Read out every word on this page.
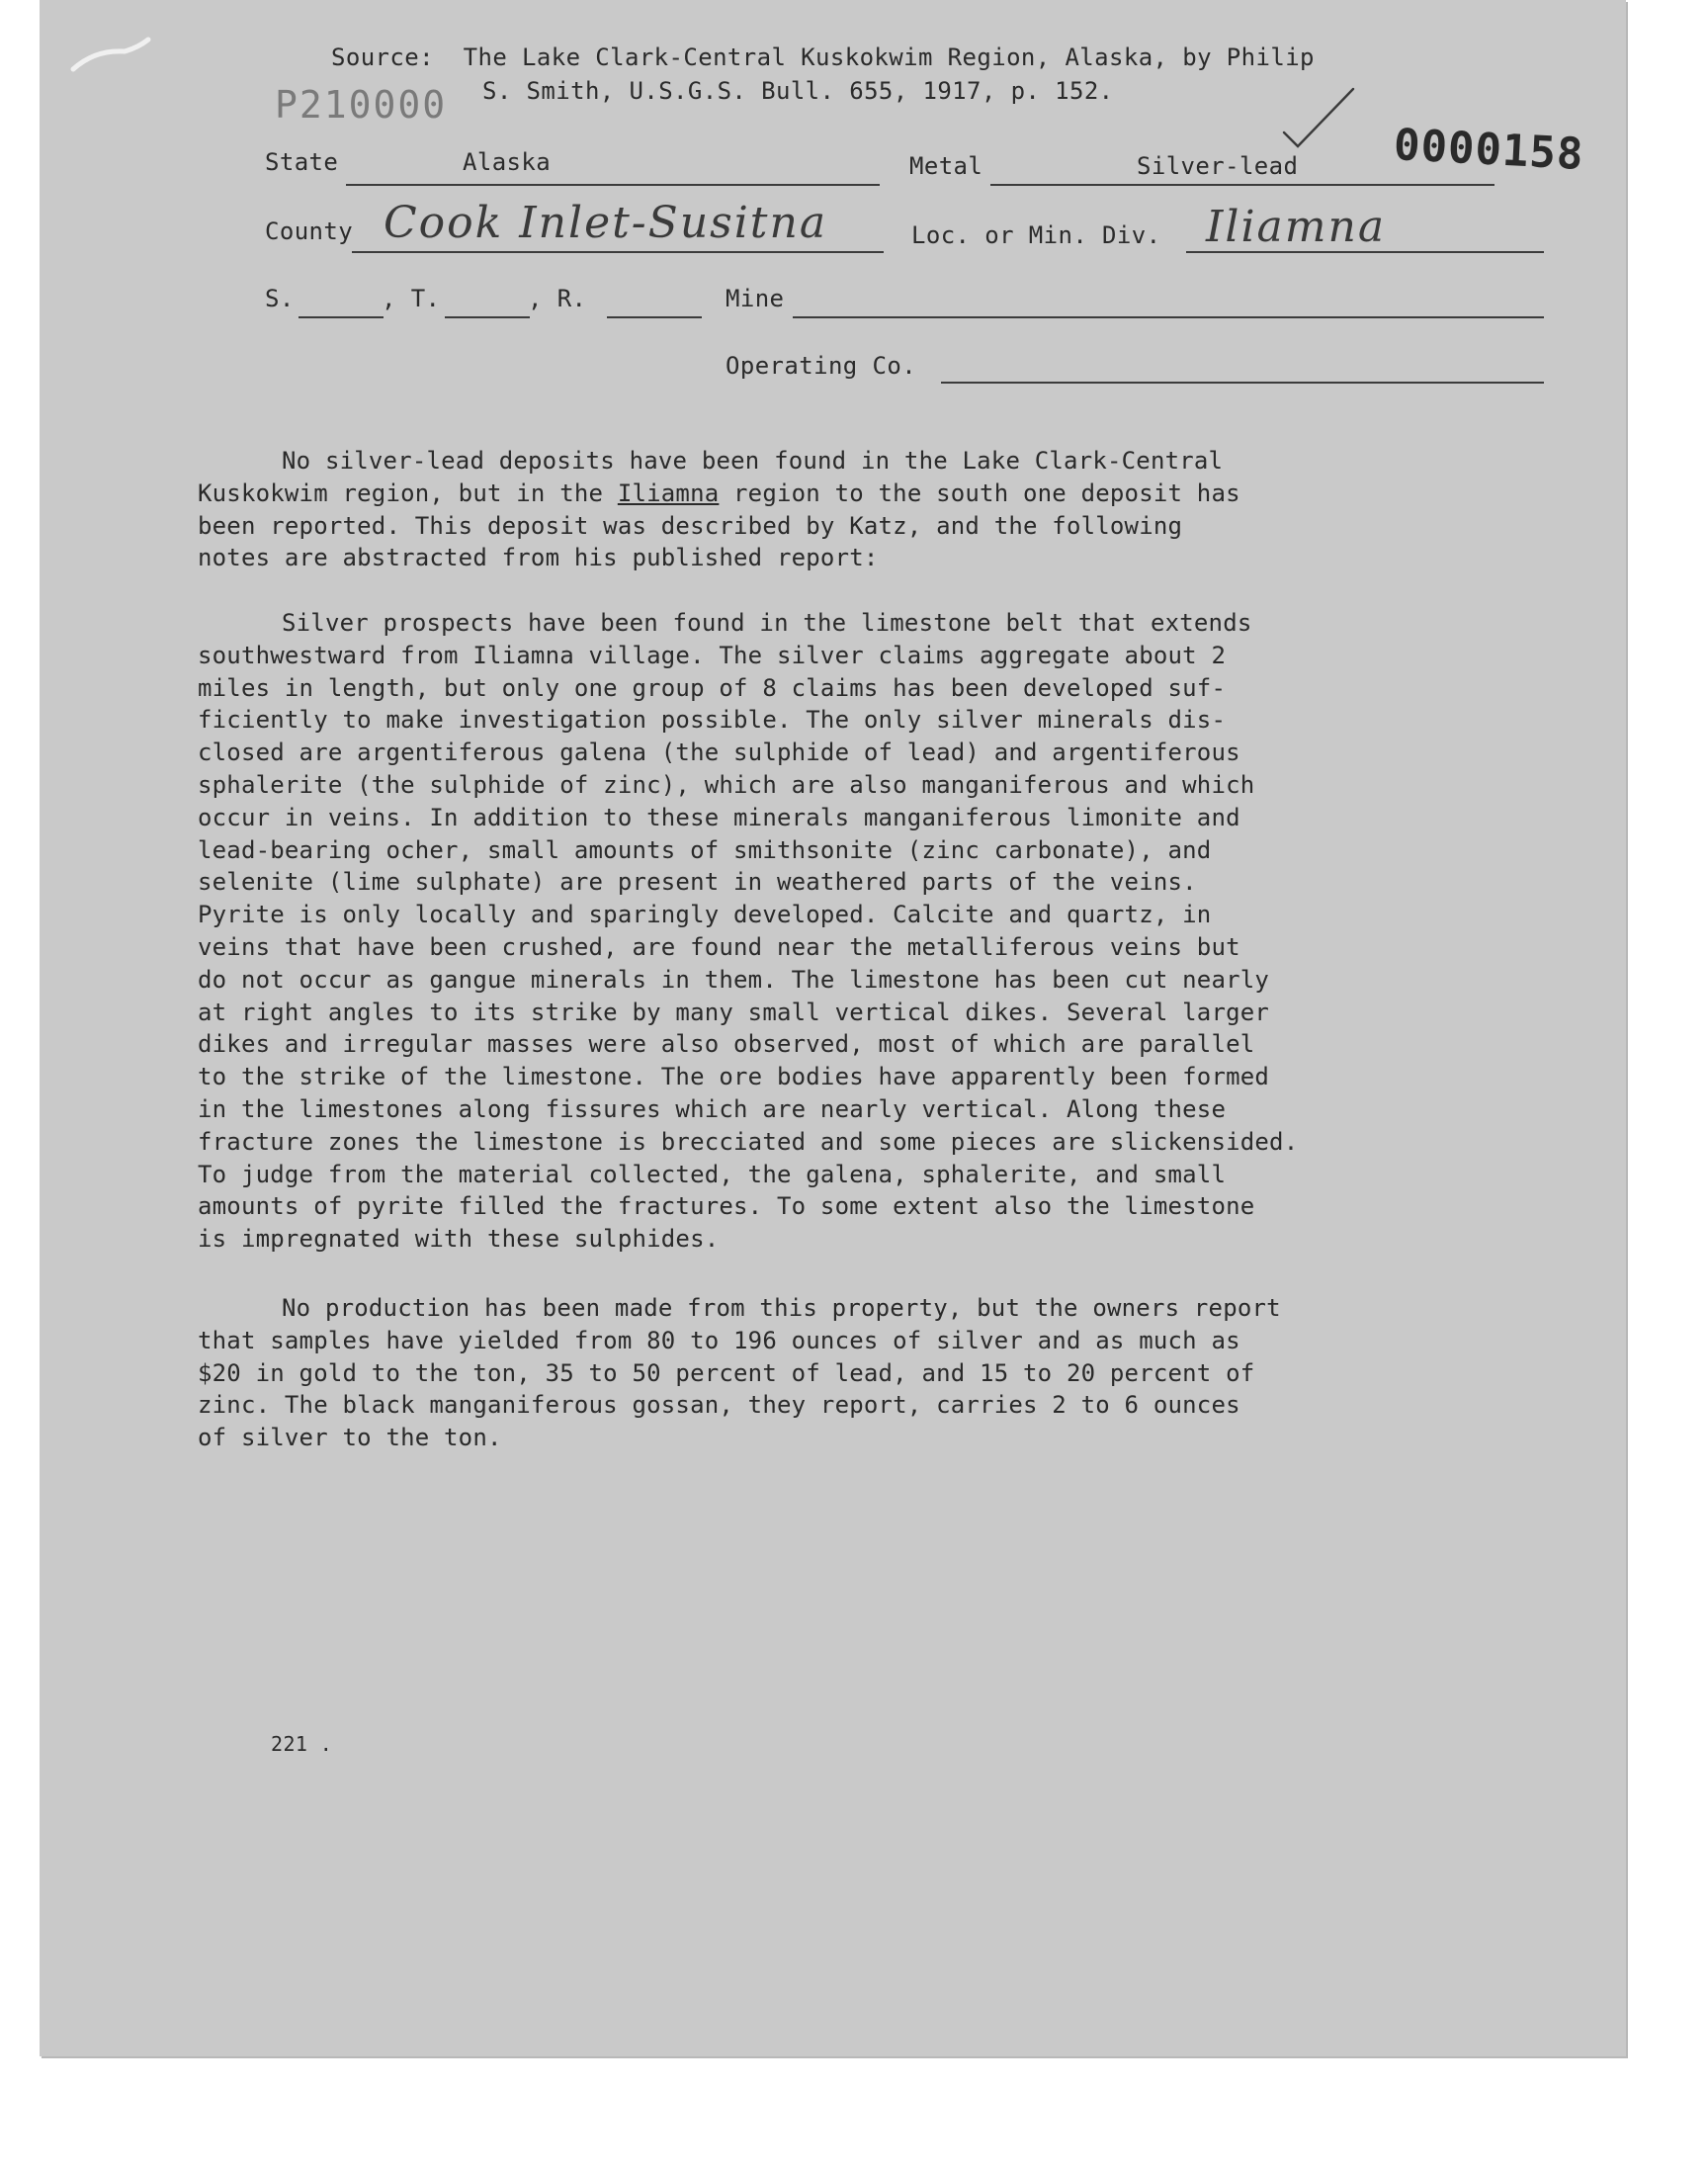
Source:  The Lake Clark-Central Kuskokwim Region, Alaska, by Philip
P210000 S. Smith, U.S.G.S. Bull. 655, 1917, p. 152.
0000158
State	Alaska	Metal	Silver-lead
County Cook Inlet-Susitna	Loc. or Min. Div. Iliamna
S.	, T.	, R.	Mine
Operating Co.
No silver-lead deposits have been found in the Lake Clark-Central
Kuskokwim region, but in the Iliamna region to the south one deposit has
been reported. This deposit was described by Katz, and the following
notes are abstracted from his published report:
Silver prospects have been found in the limestone belt that extends
southwestward from Iliamna village. The silver claims aggregate about 2
miles in length, but only one group of 8 claims has been developed suf-
ficiently to make investigation possible. The only silver minerals dis-
closed are argentiferous galena (the sulphide of lead) and argentiferous
sphalerite (the sulphide of zinc), which are also manganiferous and which
occur in veins. In addition to these minerals manganiferous limonite and
lead-bearing ocher, small amounts of smithsonite (zinc carbonate), and
selenite (lime sulphate) are present in weathered parts of the veins.
Pyrite is only locally and sparingly developed. Calcite and quartz, in
veins that have been crushed, are found near the metalliferous veins but
do not occur as gangue minerals in them. The limestone has been cut nearly
at right angles to its strike by many small vertical dikes. Several larger
dikes and irregular masses were also observed, most of which are parallel
to the strike of the limestone. The ore bodies have apparently been formed
in the limestones along fissures which are nearly vertical. Along these
fracture zones the limestone is brecciated and some pieces are slickensided.
To judge from the material collected, the galena, sphalerite, and small
amounts of pyrite filled the fractures. To some extent also the limestone
is impregnated with these sulphides.
No production has been made from this property, but the owners report
that samples have yielded from 80 to 196 ounces of silver and as much as
$20 in gold to the ton, 35 to 50 percent of lead, and 15 to 20 percent of
zinc. The black manganiferous gossan, they report, carries 2 to 6 ounces
of silver to the ton.
221 .
